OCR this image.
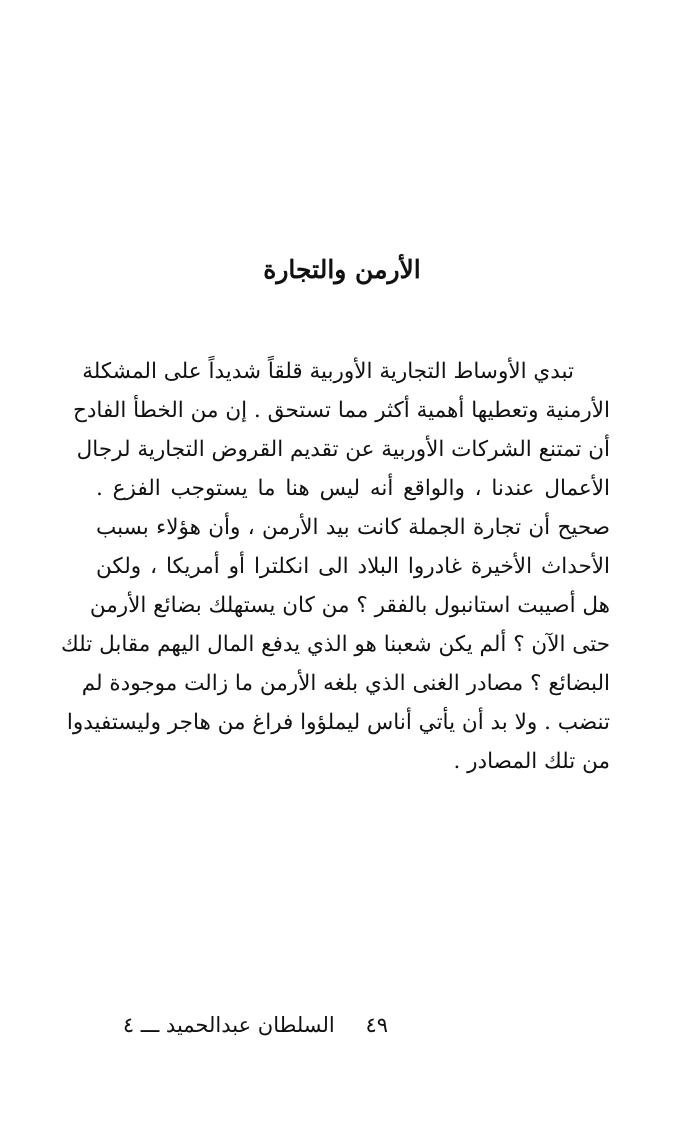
الأرمن والتجارة
تبدي الأوساط التجارية الأوربية قلقاً شديداً على المشكلة
الأرمنية وتعطيها أهمية أكثر مما تستحق . إن من الخطأ الفادح
أن تمتنع الشركات الأوربية عن تقديم القروض التجارية لرجال
الأعمال عندنا ، والواقع أنه ليس هنا ما يستوجب الفزع .
صحيح أن تجارة الجملة كانت بيد الأرمن ، وأن هؤلاء بسبب
الأحداث الأخيرة غادروا البلاد الى انكلترا أو أمريكا ، ولكن
هل أصيبت استانبول بالفقر ؟ من كان يستهلك بضائع الأرمن
حتى الآن ؟ ألم يكن شعبنا هو الذي يدفع المال اليهم مقابل تلك
البضائع ؟ مصادر الغنى الذي بلغه الأرمن ما زالت موجودة لم
تنضب . ولا بد أن يأتي أناس ليملؤوا فراغ من هاجر وليستفيدوا
من تلك المصادر .
٤٩ السلطان عبدالحميد ـــ ٤
